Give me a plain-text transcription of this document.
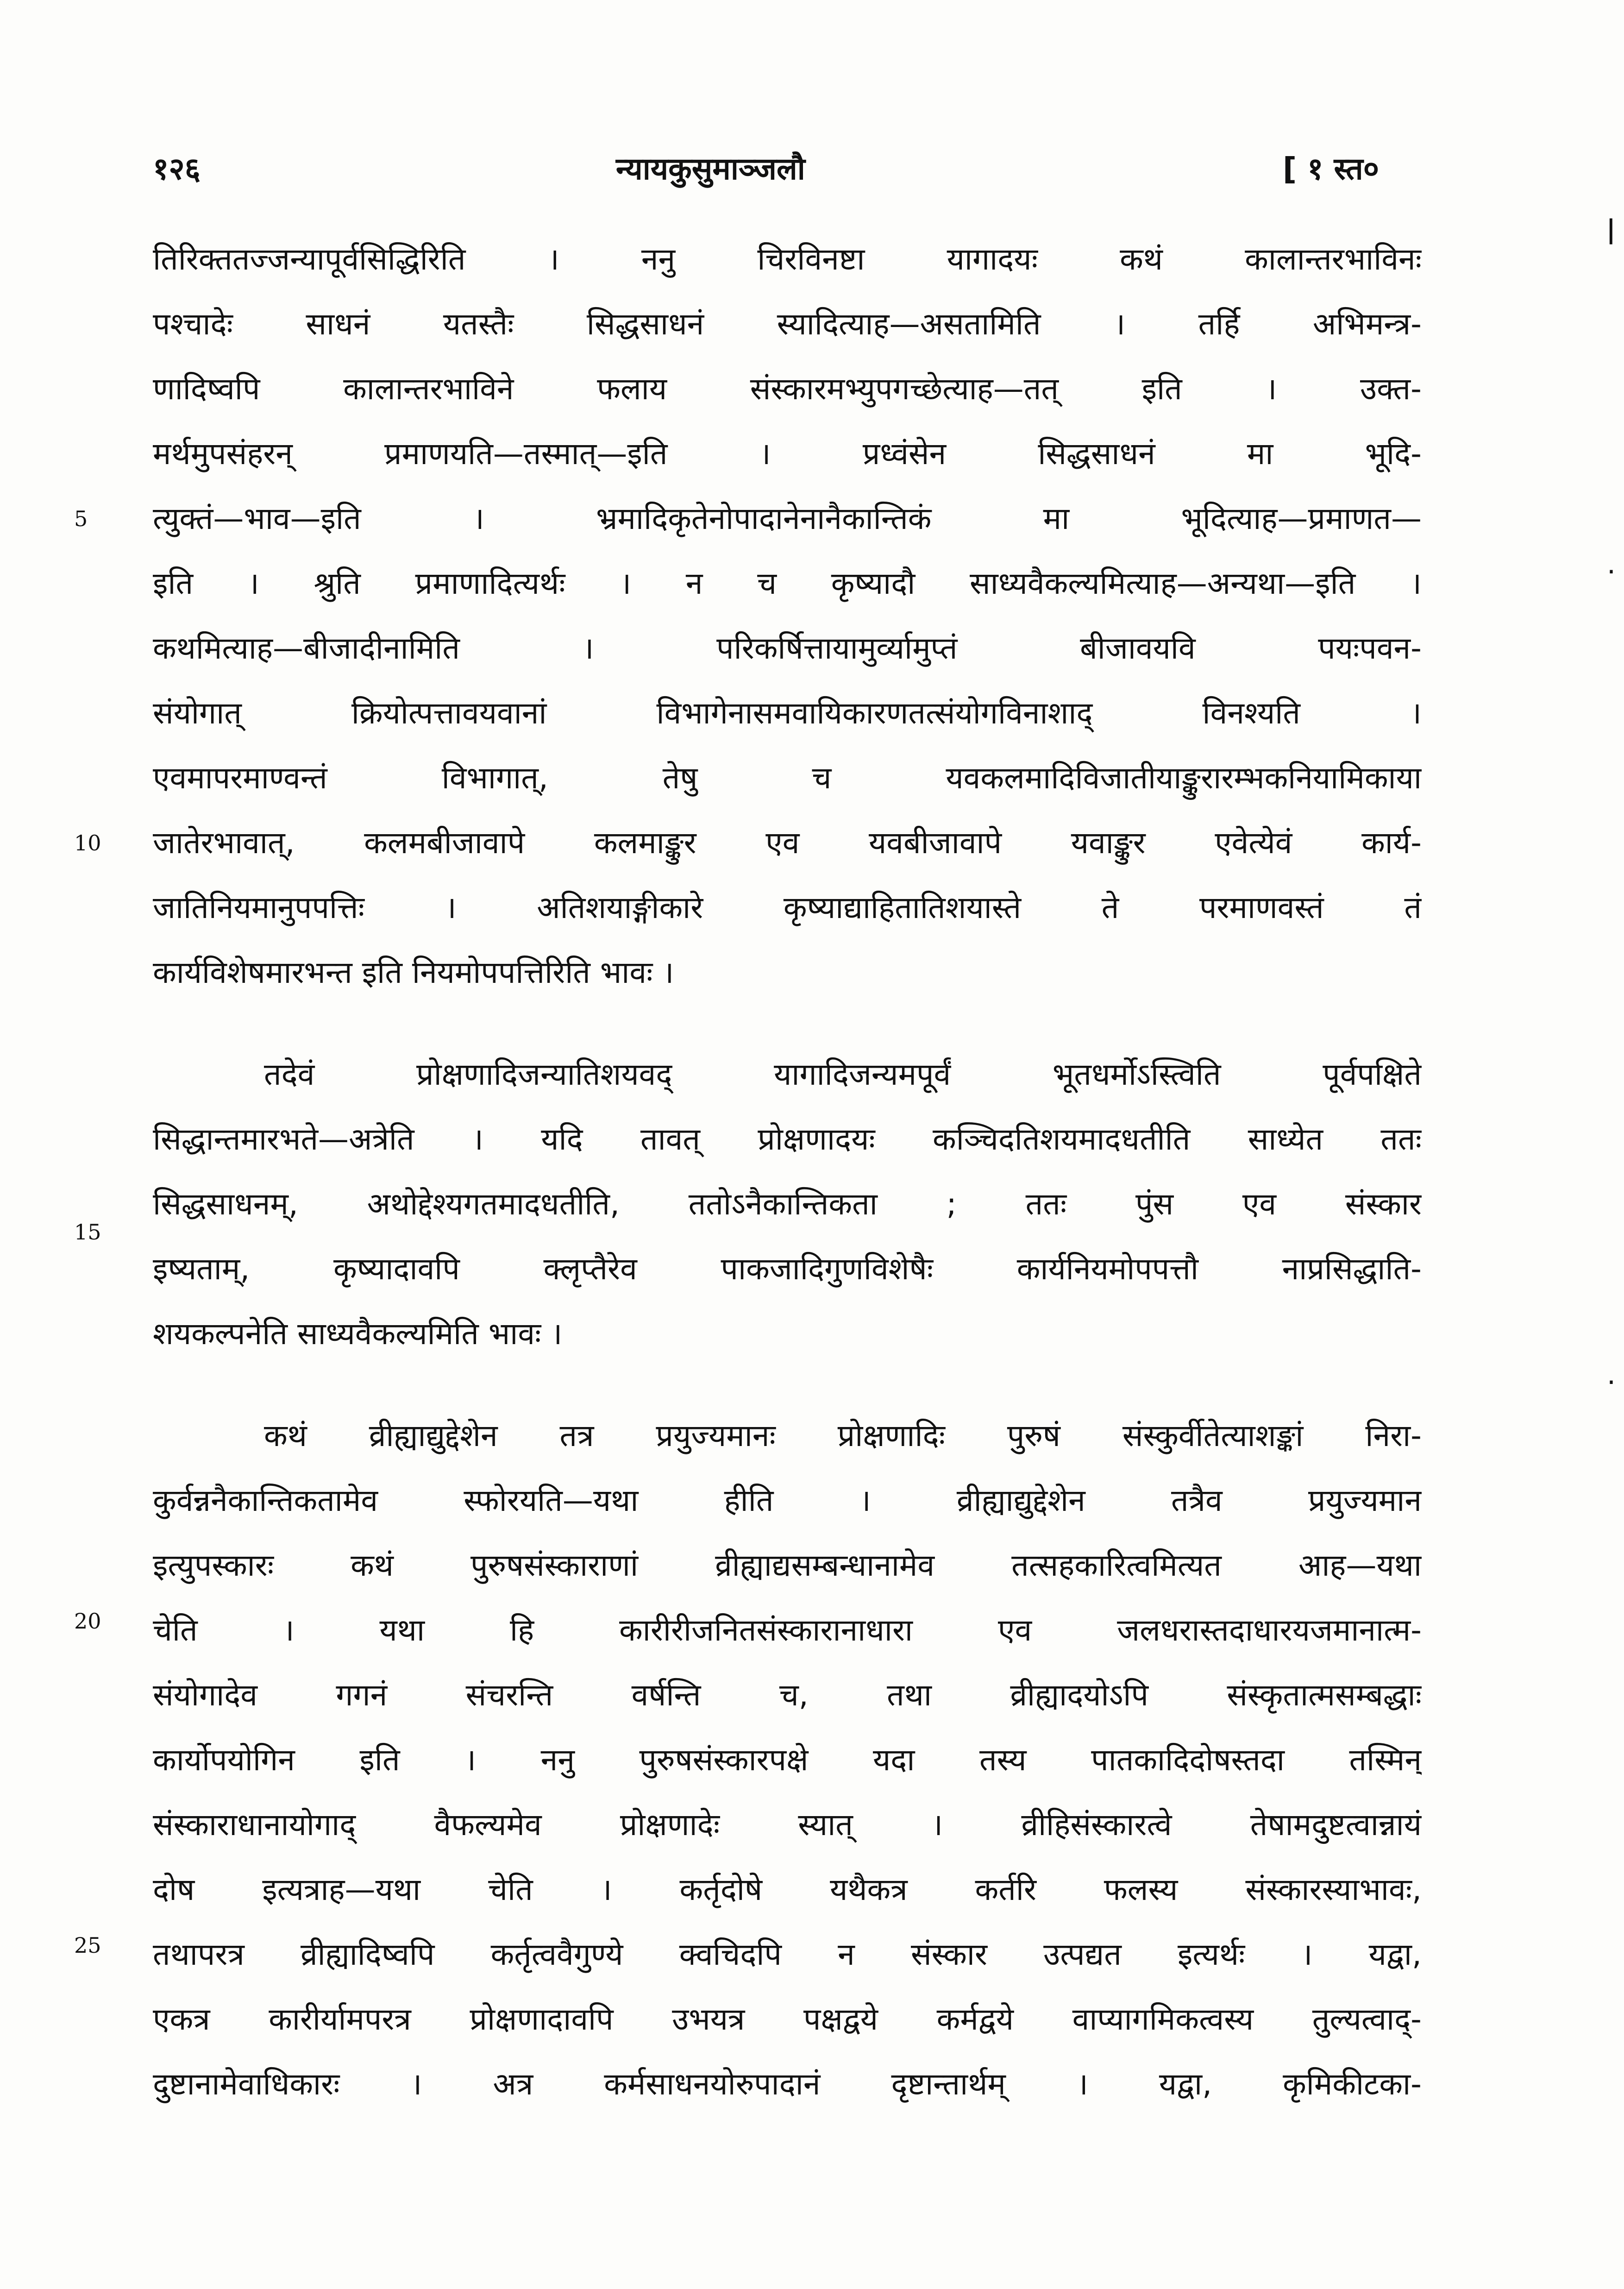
१२६	न्यायकुसुमाञ्जलौ	[ १ स्त०
5
10
15
20
25
ǀ
·
·
तिरिक्ततज्जन्यापूर्वसिद्धिरिति । ननु चिरविनष्टा यागादयः कथं कालान्तरभाविनः
पश्चादेः साधनं यतस्तैः सिद्धसाधनं स्यादित्याह—असतामिति । तर्हि अभिमन्त्र-
णादिष्वपि कालान्तरभाविने फलाय संस्कारमभ्युपगच्छेत्याह—तत् इति । उक्त-
मर्थमुपसंहरन् प्रमाणयति—तस्मात्—इति । प्रध्वंसेन सिद्धसाधनं मा भूदि-
त्युक्तं—भाव—इति । भ्रमादिकृतेनोपादानेनानैकान्तिकं मा भूदित्याह—प्रमाणत—
इति । श्रुति प्रमाणादित्यर्थः । न च कृष्यादौ साध्यवैकल्यमित्याह—अन्यथा—इति ।
कथमित्याह—बीजादीनामिति । परिकर्षित्तायामुर्व्यामुप्तं बीजावयवि पयःपवन-
संयोगात् क्रियोत्पत्तावयवानां विभागेनासमवायिकारणतत्संयोगविनाशाद् विनश्यति ।
एवमापरमाण्वन्तं विभागात्, तेषु च यवकलमादिविजातीयाङ्कुरारम्भकनियामिकाया
जातेरभावात्, कलमबीजावापे कलमाङ्कुर एव यवबीजावापे यवाङ्कुर एवेत्येवं कार्य-
जातिनियमानुपपत्तिः । अतिशयाङ्गीकारे कृष्याद्याहितातिशयास्ते ते परमाणवस्तं तं
कार्यविशेषमारभन्त इति नियमोपपत्तिरिति भावः ।
तदेवं प्रोक्षणादिजन्यातिशयवद् यागादिजन्यमपूर्वं भूतधर्मोऽस्त्विति पूर्वपक्षिते
सिद्धान्तमारभते—अत्रेति । यदि तावत् प्रोक्षणादयः कञ्चिदतिशयमादधतीति साध्येत ततः
सिद्धसाधनम्, अथोद्देश्यगतमादधतीति, ततोऽनैकान्तिकता ; ततः पुंस एव संस्कार
इष्यताम्, कृष्यादावपि क्लृप्तैरेव पाकजादिगुणविशेषैः कार्यनियमोपपत्तौ नाप्रसिद्धाति-
शयकल्पनेति साध्यवैकल्यमिति भावः ।
कथं व्रीह्याद्युद्देशेन तत्र प्रयुज्यमानः प्रोक्षणादिः पुरुषं संस्कुर्वीतेत्याशङ्कां निरा-
कुर्वन्ननैकान्तिकतामेव स्फोरयति—यथा हीति । व्रीह्याद्युद्देशेन तत्रैव प्रयुज्यमान
इत्युपस्कारः कथं पुरुषसंस्काराणां व्रीह्याद्यसम्बन्धानामेव तत्सहकारित्वमित्यत आह—यथा
चेति । यथा हि कारीरीजनितसंस्कारानाधारा एव जलधरास्तदाधारयजमानात्म-
संयोगादेव गगनं संचरन्ति वर्षन्ति च, तथा व्रीह्यादयोऽपि संस्कृतात्मसम्बद्धाः
कार्योपयोगिन इति । ननु पुरुषसंस्कारपक्षे यदा तस्य पातकादिदोषस्तदा तस्मिन्
संस्काराधानायोगाद् वैफल्यमेव प्रोक्षणादेः स्यात् । व्रीहिसंस्कारत्वे तेषामदुष्टत्वान्नायं
दोष इत्यत्राह—यथा चेति । कर्तृदोषे यथैकत्र कर्तरि फलस्य संस्कारस्याभावः,
तथापरत्र व्रीह्यादिष्वपि कर्तृत्ववैगुण्ये क्वचिदपि न संस्कार उत्पद्यत इत्यर्थः । यद्वा,
एकत्र कारीर्यामपरत्र प्रोक्षणादावपि उभयत्र पक्षद्वये कर्मद्वये वाप्यागमिकत्वस्य तुल्यत्वाद्-
दुष्टानामेवाधिकारः । अत्र कर्मसाधनयोरुपादानं दृष्टान्तार्थम् । यद्वा, कृमिकीटका-
